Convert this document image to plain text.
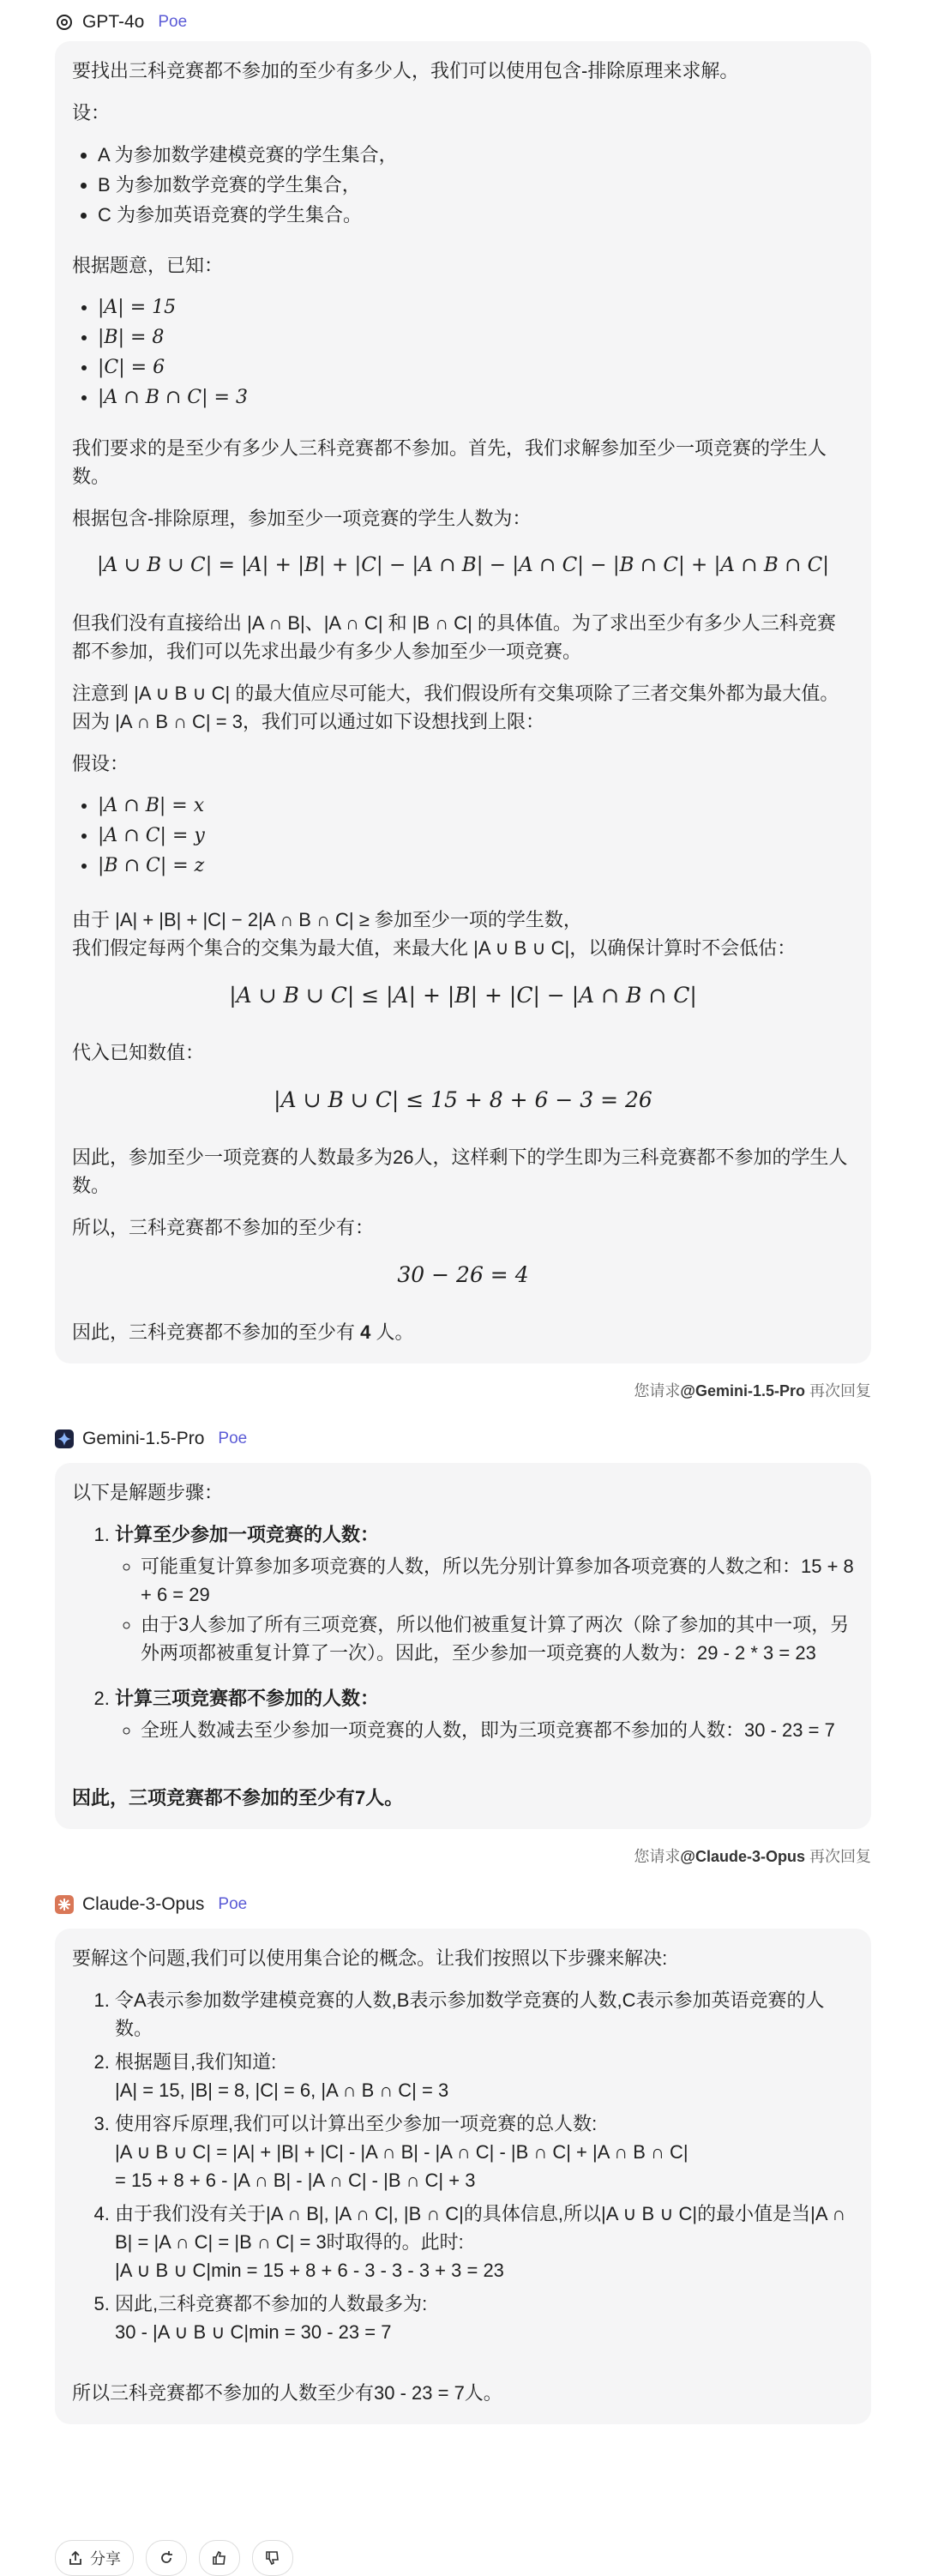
GPT-4o Poe

要找出三科竞赛都不参加的至少有多少人，我们可以使用包含-排除原理来求解。

设：

• A 为参加数学建模竞赛的学生集合，
• B 为参加数学竞赛的学生集合，
• C 为参加英语竞赛的学生集合。

根据题意，已知：

• |A| = 15
• |B| = 8
• |C| = 6
• |A ∩ B ∩ C| = 3

我们要求的是至少有多少人三科竞赛都不参加。首先，我们求解参加至少一项竞赛的学生人数。

根据包含-排除原理，参加至少一项竞赛的学生人数为：

|A ∪ B ∪ C| = |A| + |B| + |C| − |A ∩ B| − |A ∩ C| − |B ∩ C| + |A ∩ B ∩ C|

但我们没有直接给出 |A ∩ B|、|A ∩ C| 和 |B ∩ C| 的具体值。为了求出至少有多少人三科竞赛都不参加，我们可以先求出最少有多少人参加至少一项竞赛。

注意到 |A ∪ B ∪ C| 的最大值应尽可能大，我们假设所有交集项除了三者交集外都为最大值。因为 |A ∩ B ∩ C| = 3，我们可以通过如下设想找到上限：

假设：

• |A ∩ B| = x
• |A ∩ C| = y
• |B ∩ C| = z

由于 |A| + |B| + |C| − 2|A ∩ B ∩ C| ≥ 参加至少一项的学生数，
我们假定每两个集合的交集为最大值，来最大化 |A ∪ B ∪ C|，以确保计算时不会低估：

|A ∪ B ∪ C| ≤ |A| + |B| + |C| − |A ∩ B ∩ C|

代入已知数值：

|A ∪ B ∪ C| ≤ 15 + 8 + 6 − 3 = 26

因此，参加至少一项竞赛的人数最多为26人，这样剩下的学生即为三科竞赛都不参加的学生人数。

所以，三科竞赛都不参加的至少有：

30 − 26 = 4

因此，三科竞赛都不参加的至少有 4 人。

您请求@Gemini-1.5-Pro 再次回复
Gemini-1.5-Pro Poe

以下是解题步骤：

1. 计算至少参加一项竞赛的人数：
◦ 可能重复计算参加多项竞赛的人数，所以先分别计算参加各项竞赛的人数之和：15 + 8 + 6 = 29
◦ 由于3人参加了所有三项竞赛，所以他们被重复计算了两次（除了参加的其中一项，另外两项都被重复计算了一次）。因此，至少参加一项竞赛的人数为：29 - 2 * 3 = 23
2. 计算三项竞赛都不参加的人数：
◦ 全班人数减去至少参加一项竞赛的人数，即为三项竞赛都不参加的人数：30 - 23 = 7

因此，三项竞赛都不参加的至少有7人。

您请求@Claude-3-Opus 再次回复
Claude-3-Opus Poe

要解这个问题,我们可以使用集合论的概念。让我们按照以下步骤来解决:

1. 令A表示参加数学建模竞赛的人数,B表示参加数学竞赛的人数,C表示参加英语竞赛的人数。
2. 根据题目,我们知道:
|A| = 15, |B| = 8, |C| = 6, |A ∩ B ∩ C| = 3
3. 使用容斥原理,我们可以计算出至少参加一项竞赛的总人数:
|A ∪ B ∪ C| = |A| + |B| + |C| - |A ∩ B| - |A ∩ C| - |B ∩ C| + |A ∩ B ∩ C|
= 15 + 8 + 6 - |A ∩ B| - |A ∩ C| - |B ∩ C| + 3
4. 由于我们没有关于|A ∩ B|, |A ∩ C|, |B ∩ C|的具体信息,所以|A ∪ B ∪ C|的最小值是当|A ∩ B| = |A ∩ C| = |B ∩ C| = 3时取得的。此时:
|A ∪ B ∪ C|min = 15 + 8 + 6 - 3 - 3 - 3 + 3 = 23
5. 因此,三科竞赛都不参加的人数最多为:
30 - |A ∪ B ∪ C|min = 30 - 23 = 7

所以三科竞赛都不参加的人数至少有30 - 23 = 7人。

分享
